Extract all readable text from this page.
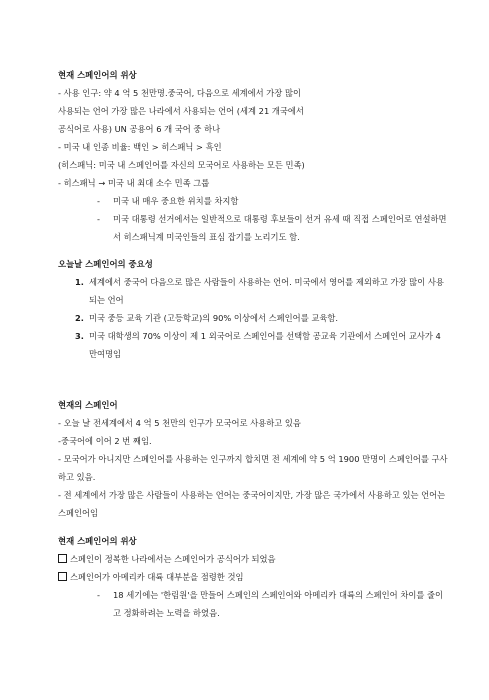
현재 스페인어의 위상

- 사용 인구: 약 4 억 5 천만명.중국어, 다음으로 세계에서 가장 많이

사용되는 언어 가장 많은 나라에서 사용되는 언어 (세계 21 개국에서

공식어로 사용) UN 공용어 6 개 국어 중 하나

- 미국 내 인종 비율: 백인 > 히스패닉 > 흑인

(히스패닉: 미국 내 스페인어를 자신의 모국어로 사용하는 모든 민족)

- 히스패닉 → 미국 내 최대 소수 민족 그룹

- 미국 내 매우 중요한 위치를 차지함
- 미국 대통령 선거에서는 일반적으로 대통령 후보들이 선거 유세 때 직접 스페인어로 연설하면서 히스패닉계 미국인들의 표심 잡기를 노리기도 함.

오늘날 스페인어의 중요성

1. 세계에서 중국어 다음으로 많은 사람들이 사용하는 언어. 미국에서 영어를 제외하고 가장 많이 사용되는 언어
2. 미국 중등 교육 기관 (고등학교)의 90% 이상에서 스페인어를 교육함.
3. 미국 대학생의 70% 이상이 제 1 외국어로 스페인어를 선택함 공교육 기관에서 스페인어 교사가 4 만여명임

현재의 스페인어

- 오늘 날 전세계에서 4 억 5 천만의 인구가 모국어로 사용하고 있음

-중국어에 이어 2 번 째임.

- 모국어가 아니지만 스페인어를 사용하는 인구까지 합치면 전 세계에 약 5 억 1900 만명이 스페인어를 구사하고 있음.

- 전 세계에서 가장 많은 사람들이 사용하는 언어는 중국어이지만, 가장 많은 국가에서 사용하고 있는 언어는 스페인어임

현재 스페인어의 위상

스페인이 정복한 나라에서는 스페인어가 공식어가 되었음
스페인어가 아메리카 대륙 대부분을 점령한 것임
- 18 세기에는 '한림원'을 만들어 스페인의 스페인어와 아메리카 대륙의 스페인어 차이를 줄이고 정화하려는 노력을 하였음.
